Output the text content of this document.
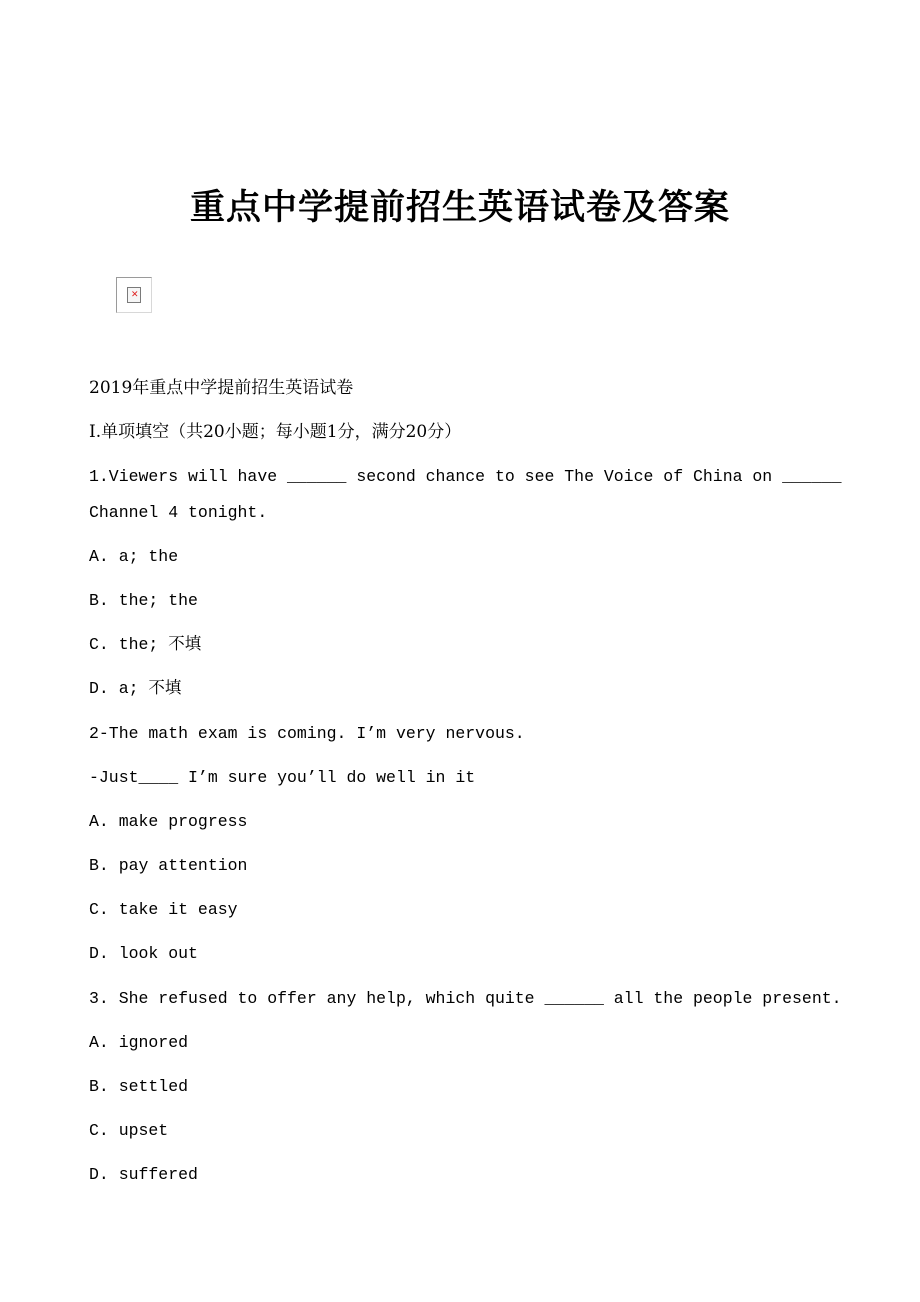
重点中学提前招生英语试卷及答案
✕
2019年重点中学提前招生英语试卷
Ⅰ.单项填空（共20小题；每小题1分，满分20分）
1.Viewers will have ______ second chance to see The Voice of China on ______
Channel 4 tonight.
A. a; the
B. the; the
C. the; 不填
D. a; 不填
2-The math exam is coming. I’m very nervous.
-Just____ I’m sure you’ll do well in it
A. make progress
B. pay attention
C. take it easy
D. look out
3. She refused to offer any help, which quite ______ all the people present.
A. ignored
B. settled
C. upset
D. suffered
